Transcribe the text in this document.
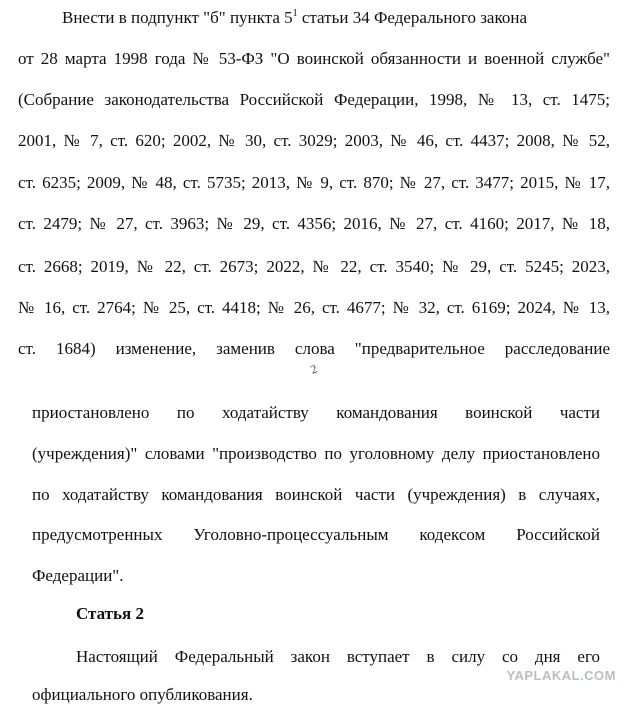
Внести в подпункт "б" пункта $5^1$ статьи 34 Федерального закона
от 28 марта 1998 года № 53-ФЗ "О воинской обязанности и военной службе"
(Собрание законодательства Российской Федерации, 1998, № 13, ст. 1475;
2001, № 7, ст. 620; 2002, № 30, ст. 3029; 2003, № 46, ст. 4437; 2008, № 52,
ст. 6235; 2009, № 48, ст. 5735; 2013, № 9, ст. 870; № 27, ст. 3477; 2015, № 17,
ст. 2479; № 27, ст. 3963; № 29, ст. 4356; 2016, № 27, ст. 4160; 2017, № 18,
ст. 2668; 2019, № 22, ст. 2673; 2022, № 22, ст. 3540; № 29, ст. 5245; 2023,
№ 16, ст. 2764; № 25, ст. 4418; № 26, ст. 4677; № 32, ст. 6169; 2024, № 13,
ст. 1684) изменение, заменив слова "предварительное расследование
2
приостановлено по ходатайству командования воинской части
(учреждения)" словами "производство по уголовному делу приостановлено
по ходатайству командования воинской части (учреждения) в случаях,
предусмотренных Уголовно-процессуальным кодексом Российской
Федерации".
Статья 2
Настоящий Федеральный закон вступает в силу со дня его
официального опубликования.
YAPLAKAL.COM
